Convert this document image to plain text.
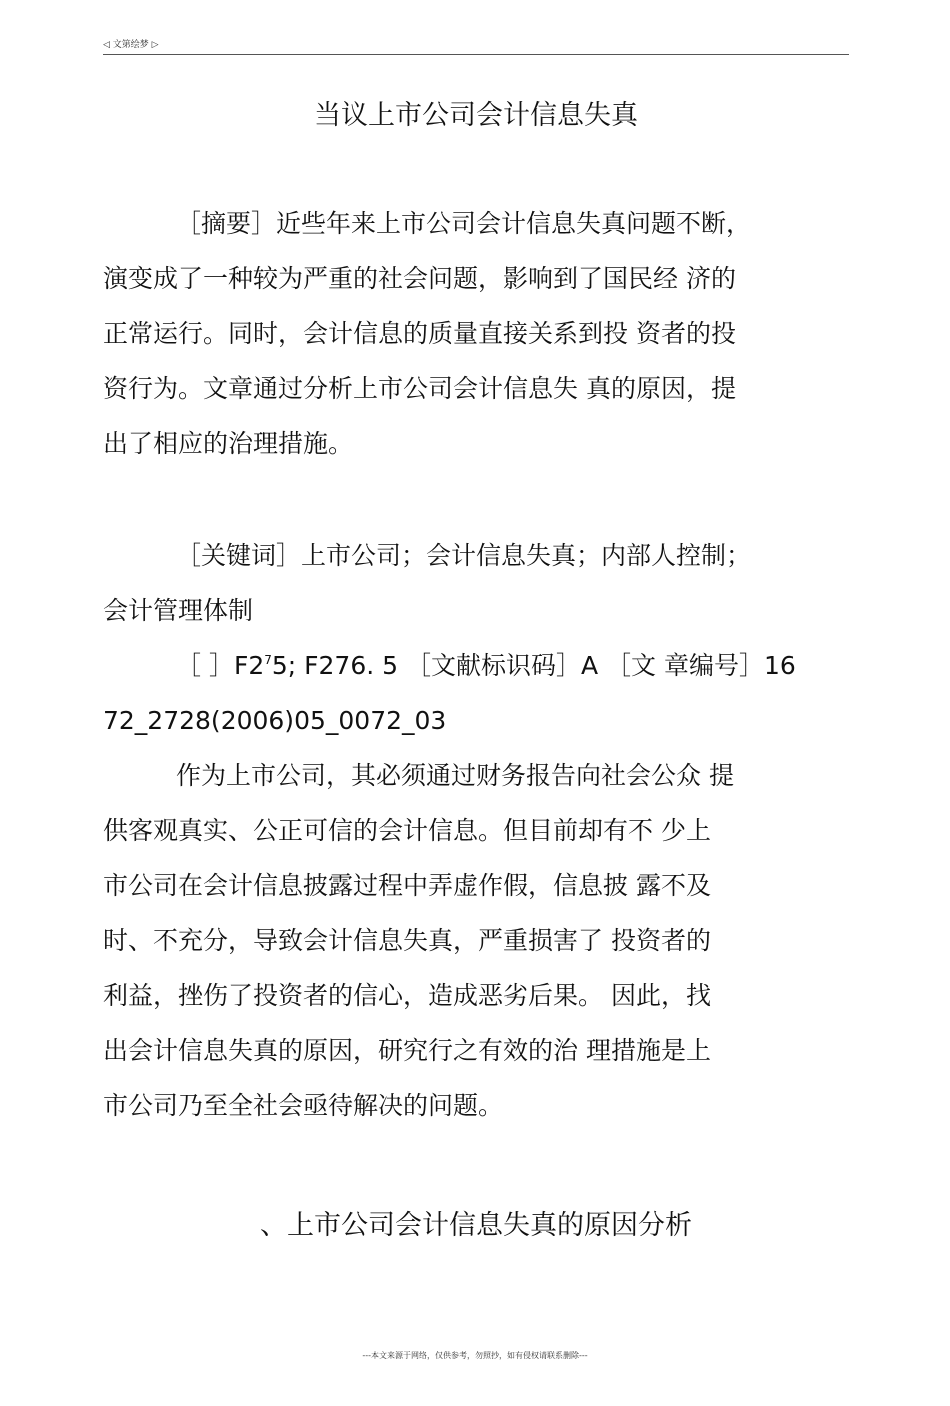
◁ 文第绘梦 ▷
当议上市公司会计信息失真
［摘要］近些年来上市公司会计信息失真问题不断，
演变成了一种较为严重的社会问题，影响到了国民经 济的
正常运行。同时，会计信息的质量直接关系到投 资者的投
资行为。文章通过分析上市公司会计信息失 真的原因，提
出了相应的治理措施。
［关键词］上市公司；会计信息失真；内部人控制；
会计管理体制
［ $]F2^75$; F276. 5 ［文献标识码］A ［文 章编号］16
72_2728(2006)05_0072_03
作为上市公司，其必须通过财务报告向社会公众 提
供客观真实、公正可信的会计信息。但目前却有不 少上
市公司在会计信息披露过程中弄虚作假，信息披 露不及
时、不充分，导致会计信息失真，严重损害了 投资者的
利益，挫伤了投资者的信心，造成恶劣后果。 因此，找
出会计信息失真的原因，研究行之有效的治 理措施是上
市公司乃至全社会亟待解决的问题。
、上市公司会计信息失真的原因分析
---本文来源于网络，仅供参考，勿照抄，如有侵权请联系删除---
